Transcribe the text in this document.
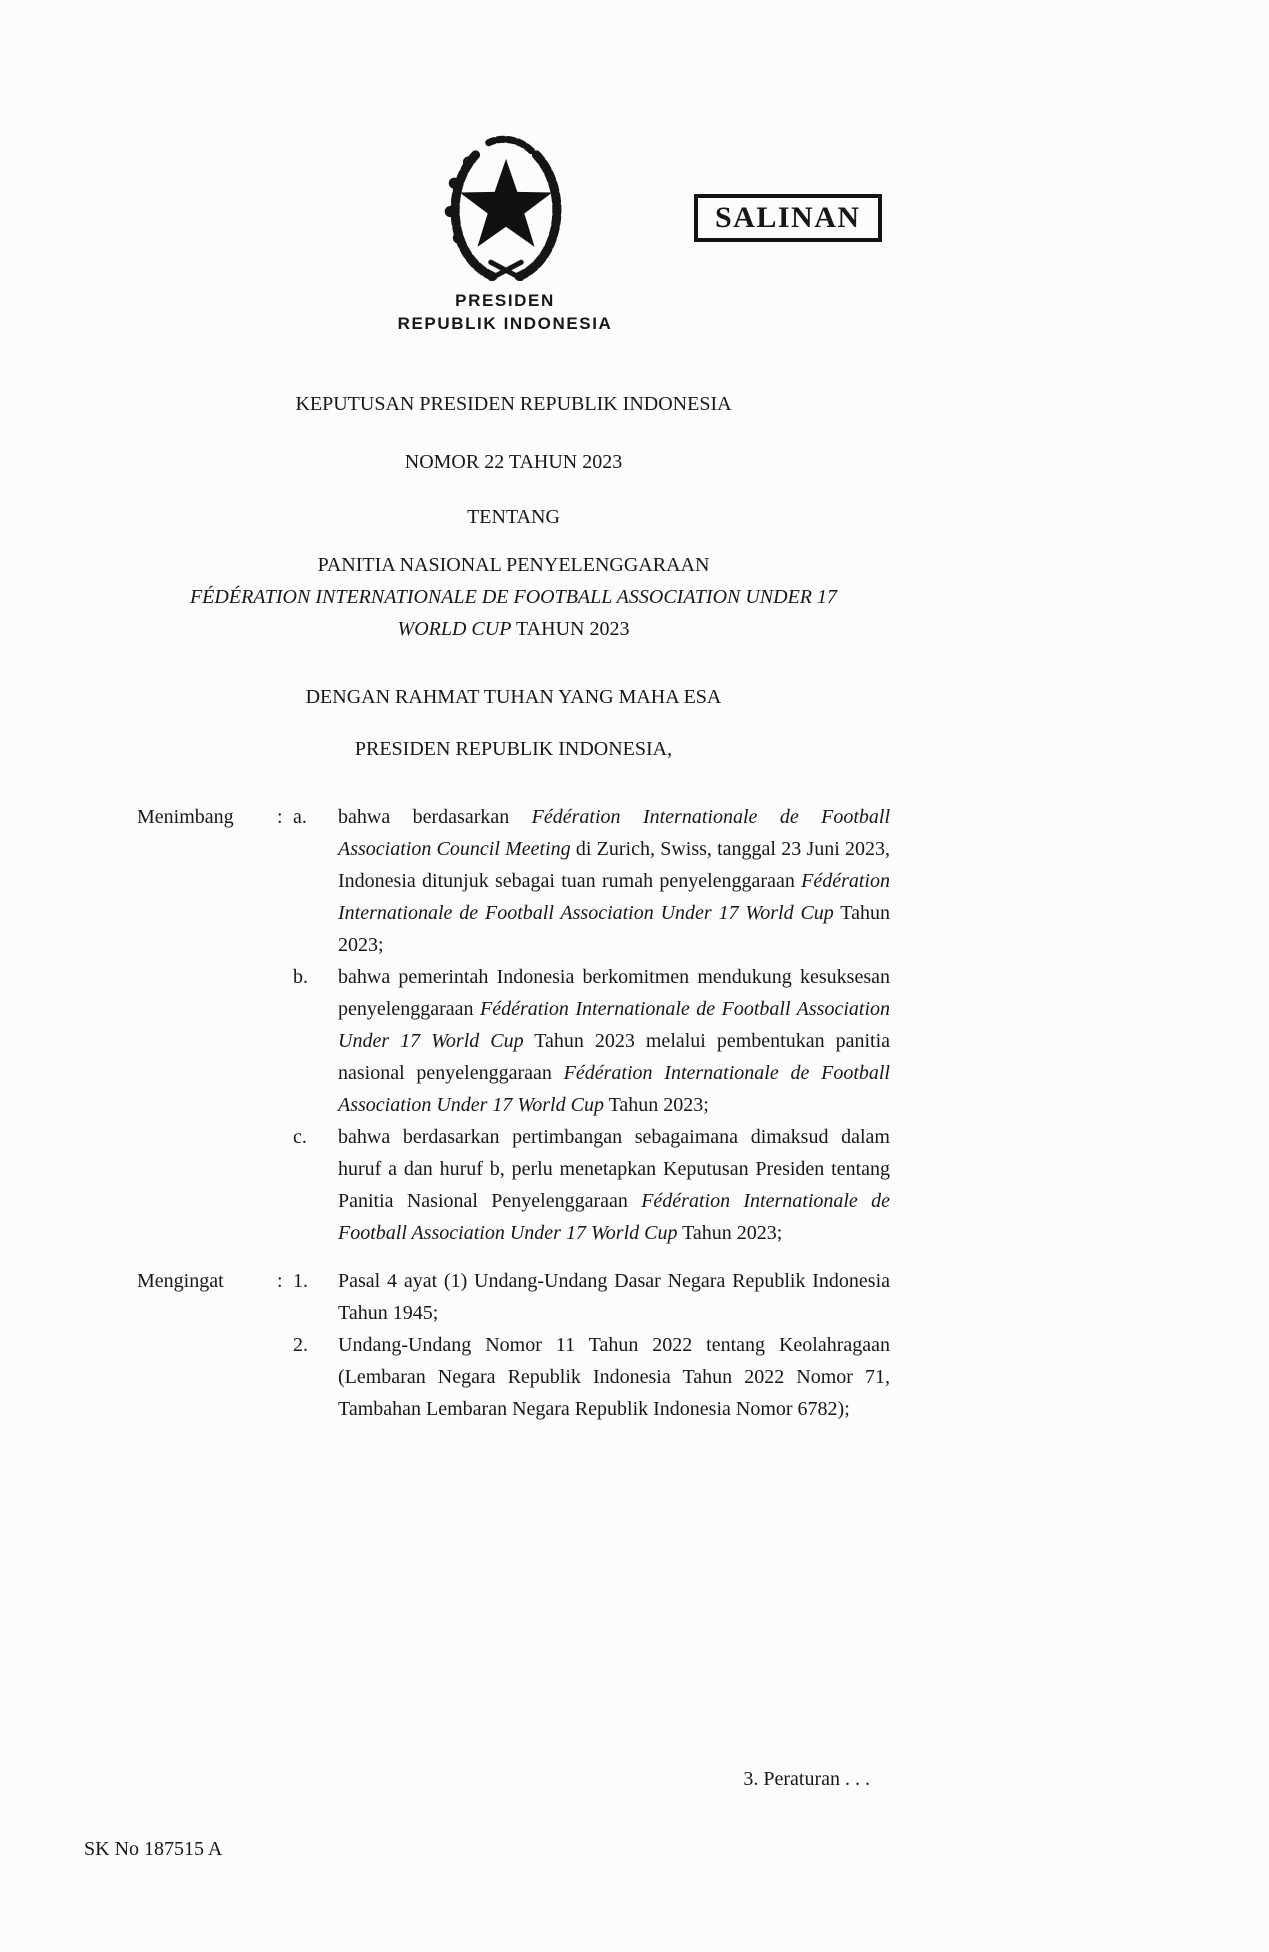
SALINAN
PRESIDEN
REPUBLIK INDONESIA
KEPUTUSAN PRESIDEN REPUBLIK INDONESIA
NOMOR 22 TAHUN 2023
TENTANG
PANITIA NASIONAL PENYELENGGARAAN
FÉDÉRATION INTERNATIONALE DE FOOTBALL ASSOCIATION UNDER 17
WORLD CUP TAHUN 2023
DENGAN RAHMAT TUHAN YANG MAHA ESA
PRESIDEN REPUBLIK INDONESIA,
Menimbang	: a.	bahwa berdasarkan Fédération Internationale de Football Association Council Meeting di Zurich, Swiss, tanggal 23 Juni 2023, Indonesia ditunjuk sebagai tuan rumah penyelenggaraan Fédération Internationale de Football Association Under 17 World Cup Tahun 2023;
b.	bahwa pemerintah Indonesia berkomitmen mendukung kesuksesan penyelenggaraan Fédération Internationale de Football Association Under 17 World Cup Tahun 2023 melalui pembentukan panitia nasional penyelenggaraan Fédération Internationale de Football Association Under 17 World Cup Tahun 2023;
c.	bahwa berdasarkan pertimbangan sebagaimana dimaksud dalam huruf a dan huruf b, perlu menetapkan Keputusan Presiden tentang Panitia Nasional Penyelenggaraan Fédération Internationale de Football Association Under 17 World Cup Tahun 2023;
Mengingat	: 1.	Pasal 4 ayat (1) Undang-Undang Dasar Negara Republik Indonesia Tahun 1945;
2.	Undang-Undang Nomor 11 Tahun 2022 tentang Keolahragaan (Lembaran Negara Republik Indonesia Tahun 2022 Nomor 71, Tambahan Lembaran Negara Republik Indonesia Nomor 6782);
3. Peraturan . . .
SK No 187515 A
